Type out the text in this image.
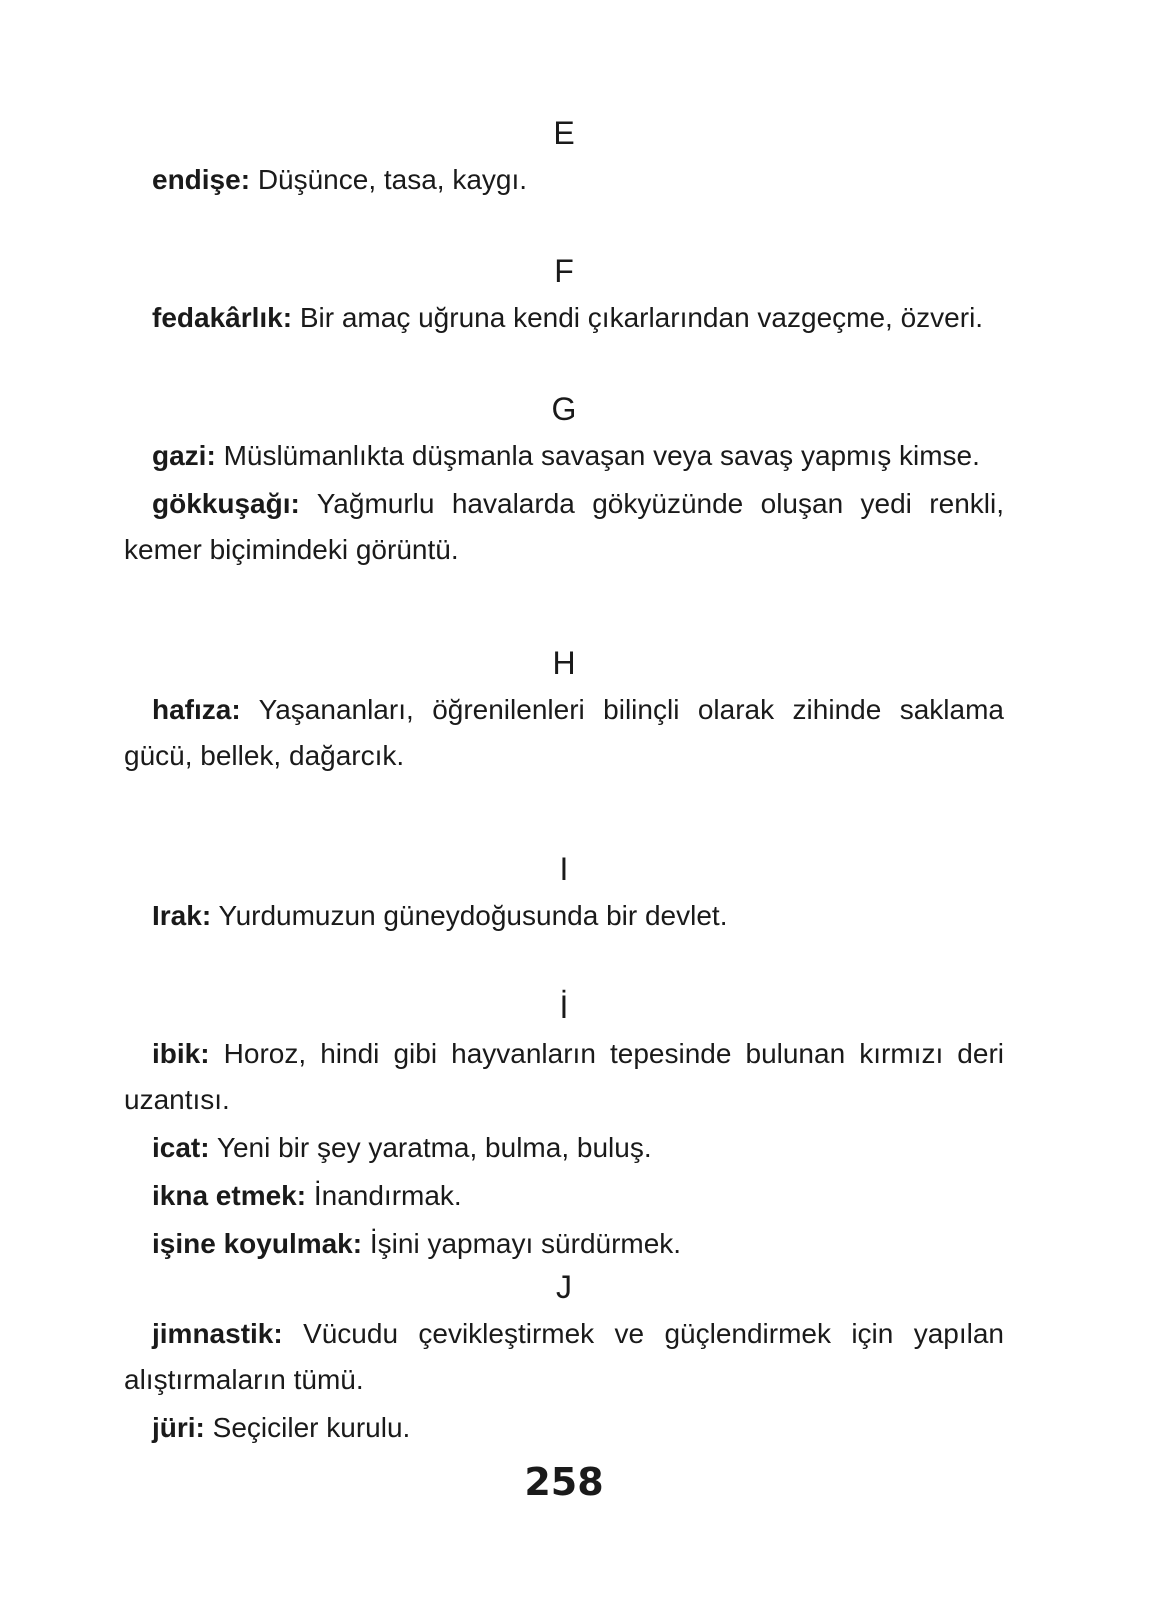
E

endişe: Düşünce, tasa, kaygı.

F

fedakârlık: Bir amaç uğruna kendi çıkarlarından vazgeçme, özveri.

G

gazi: Müslümanlıkta düşmanla savaşan veya savaş yapmış kimse.

gökkuşağı: Yağmurlu havalarda gökyüzünde oluşan yedi renkli, kemer biçimindeki görüntü.

H

hafıza: Yaşananları, öğrenilenleri bilinçli olarak zihinde saklama gücü, bellek, dağarcık.

I

Irak: Yurdumuzun güneydoğusunda bir devlet.

İ

ibik: Horoz, hindi gibi hayvanların tepesinde bulunan kırmızı deri uzantısı.

icat: Yeni bir şey yaratma, bulma, buluş.

ikna etmek: İnandırmak.

işine koyulmak: İşini yapmayı sürdürmek.

J

jimnastik: Vücudu çevikleştirmek ve güçlendirmek için yapılan alıştırmaların tümü.

jüri: Seçiciler kurulu.

258
